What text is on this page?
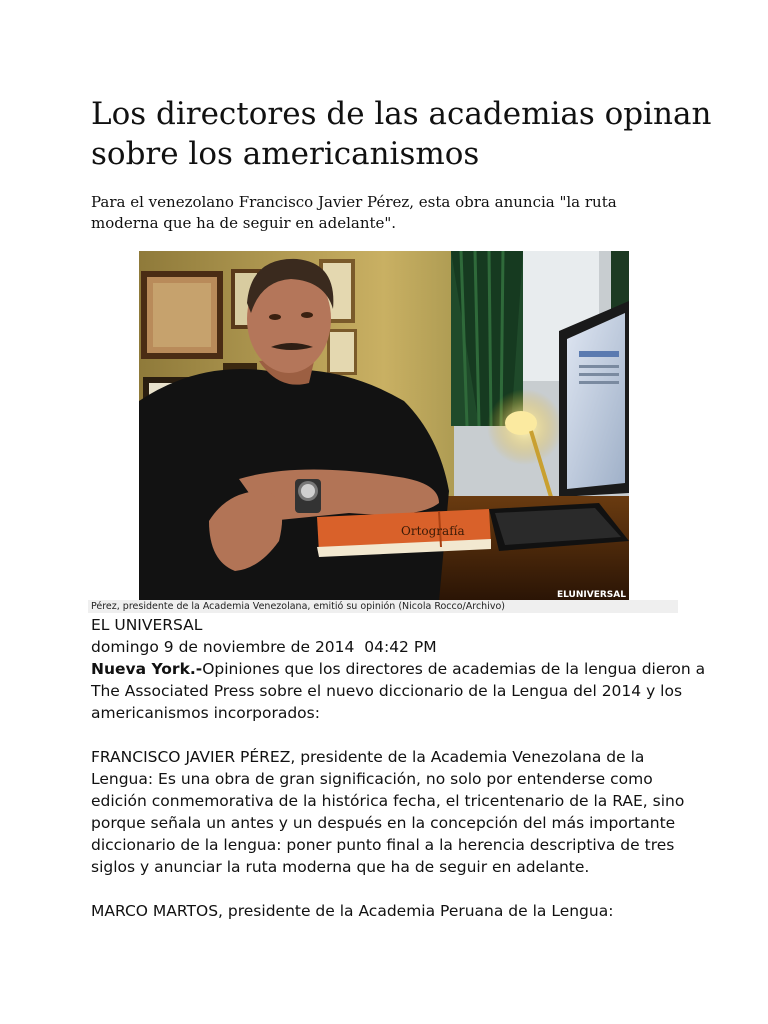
Los directores de las academias opinan sobre los americanismos

Para el venezolano Francisco Javier Pérez, esta obra anuncia "la ruta moderna que ha de seguir en adelante".

Ortografía
ELUNIVERSAL
Pérez, presidente de la Academia Venezolana, emitió su opinión (Nicola Rocco/Archivo)

EL UNIVERSAL

domingo 9 de noviembre de 2014  04:42 PM

Nueva York.-Opiniones que los directores de academias de la lengua dieron a The Associated Press sobre el nuevo diccionario de la Lengua del 2014 y los americanismos incorporados:

FRANCISCO JAVIER PÉREZ, presidente de la Academia Venezolana de la Lengua: Es una obra de gran significación, no solo por entenderse como edición conmemorativa de la histórica fecha, el tricentenario de la RAE, sino porque señala un antes y un después en la concepción del más importante diccionario de la lengua: poner punto final a la herencia descriptiva de tres siglos y anunciar la ruta moderna que ha de seguir en adelante.

MARCO MARTOS, presidente de la Academia Peruana de la Lengua:
